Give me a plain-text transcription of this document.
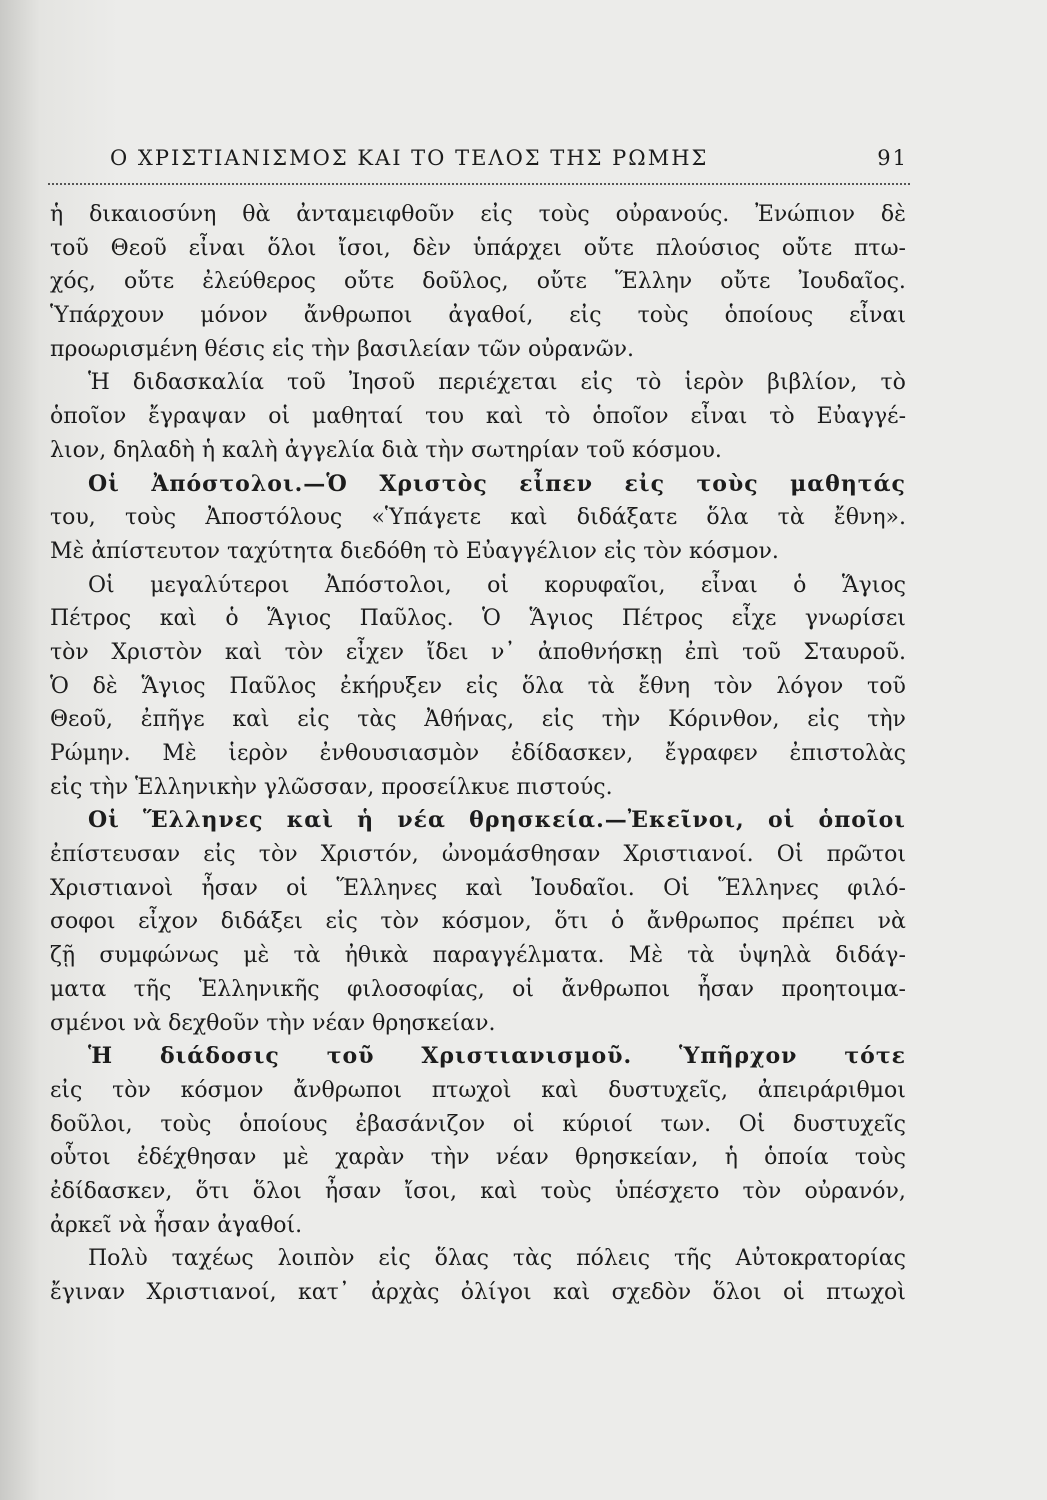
Ο ΧΡΙΣΤΙΑΝΙΣΜΟΣ ΚΑΙ ΤΟ ΤΕΛΟΣ ΤΗΣ ΡΩΜΗΣ	91
ἡ δικαιοσύνη θὰ ἀνταμειφθοῦν εἰς τοὺς οὐρανούς. Ἐνώπιον δὲ
τοῦ Θεοῦ εἶναι ὅλοι ἴσοι, δὲν ὑπάρχει οὔτε πλούσιος οὔτε πτω-
χός, οὔτε ἐλεύθερος οὔτε δοῦλος, οὔτε Ἕλλην οὔτε Ἰουδαῖος.
Ὑπάρχουν μόνον ἄνθρωποι ἀγαθοί, εἰς τοὺς ὁποίους εἶναι
προωρισμένη θέσις εἰς τὴν βασιλείαν τῶν οὐρανῶν.
Ἡ διδασκαλία τοῦ Ἰησοῦ περιέχεται εἰς τὸ ἱερὸν βιβλίον, τὸ
ὁποῖον ἔγραψαν οἱ μαθηταί του καὶ τὸ ὁποῖον εἶναι τὸ Εὐαγγέ-
λιον, δηλαδὴ ἡ καλὴ ἀγγελία διὰ τὴν σωτηρίαν τοῦ κόσμου.
Οἱ Ἀπόστολοι.—Ὁ Χριστὸς εἶπεν εἰς τοὺς μαθητάς
του, τοὺς Ἀποστόλους «Ὑπάγετε καὶ διδάξατε ὅλα τὰ ἔθνη».
Μὲ ἀπίστευτον ταχύτητα διεδόθη τὸ Εὐαγγέλιον εἰς τὸν κόσμον.
Οἱ μεγαλύτεροι Ἀπόστολοι, οἱ κορυφαῖοι, εἶναι ὁ Ἅγιος
Πέτρος καὶ ὁ Ἅγιος Παῦλος. Ὁ Ἅγιος Πέτρος εἶχε γνωρίσει
τὸν Χριστὸν καὶ τὸν εἶχεν ἴδει ν᾿ ἀποθνήσκῃ ἐπὶ τοῦ Σταυροῦ.
Ὁ δὲ Ἅγιος Παῦλος ἐκήρυξεν εἰς ὅλα τὰ ἔθνη τὸν λόγον τοῦ
Θεοῦ, ἐπῆγε καὶ εἰς τὰς Ἀθήνας, εἰς τὴν Κόρινθον, εἰς τὴν
Ρώμην. Μὲ ἱερὸν ἐνθουσιασμὸν ἐδίδασκεν, ἔγραφεν ἐπιστολὰς
εἰς τὴν Ἑλληνικὴν γλῶσσαν, προσείλκυε πιστούς.
Οἱ Ἕλληνες καὶ ἡ νέα θρησκεία.—Ἐκεῖνοι, οἱ ὁποῖοι
ἐπίστευσαν εἰς τὸν Χριστόν, ὠνομάσθησαν Χριστιανοί. Οἱ πρῶτοι
Χριστιανοὶ ἦσαν οἱ Ἕλληνες καὶ Ἰουδαῖοι. Οἱ Ἕλληνες φιλό-
σοφοι εἶχον διδάξει εἰς τὸν κόσμον, ὅτι ὁ ἄνθρωπος πρέπει νὰ
ζῇ συμφώνως μὲ τὰ ἠθικὰ παραγγέλματα. Μὲ τὰ ὑψηλὰ διδάγ-
ματα τῆς Ἑλληνικῆς φιλοσοφίας, οἱ ἄνθρωποι ἦσαν προητοιμα-
σμένοι νὰ δεχθοῦν τὴν νέαν θρησκείαν.
Ἡ διάδοσις τοῦ Χριστιανισμοῦ. Ὑπῆρχον τότε
εἰς τὸν κόσμον ἄνθρωποι πτωχοὶ καὶ δυστυχεῖς, ἀπειράριθμοι
δοῦλοι, τοὺς ὁποίους ἐβασάνιζον οἱ κύριοί των. Οἱ δυστυχεῖς
οὗτοι ἐδέχθησαν μὲ χαρὰν τὴν νέαν θρησκείαν, ἡ ὁποία τοὺς
ἐδίδασκεν, ὅτι ὅλοι ἦσαν ἴσοι, καὶ τοὺς ὑπέσχετο τὸν οὐρανόν,
ἀρκεῖ νὰ ἦσαν ἀγαθοί.
Πολὺ ταχέως λοιπὸν εἰς ὅλας τὰς πόλεις τῆς Αὐτοκρατορίας
ἔγιναν Χριστιανοί, κατ᾿ ἀρχὰς ὀλίγοι καὶ σχεδὸν ὅλοι οἱ πτωχοὶ
